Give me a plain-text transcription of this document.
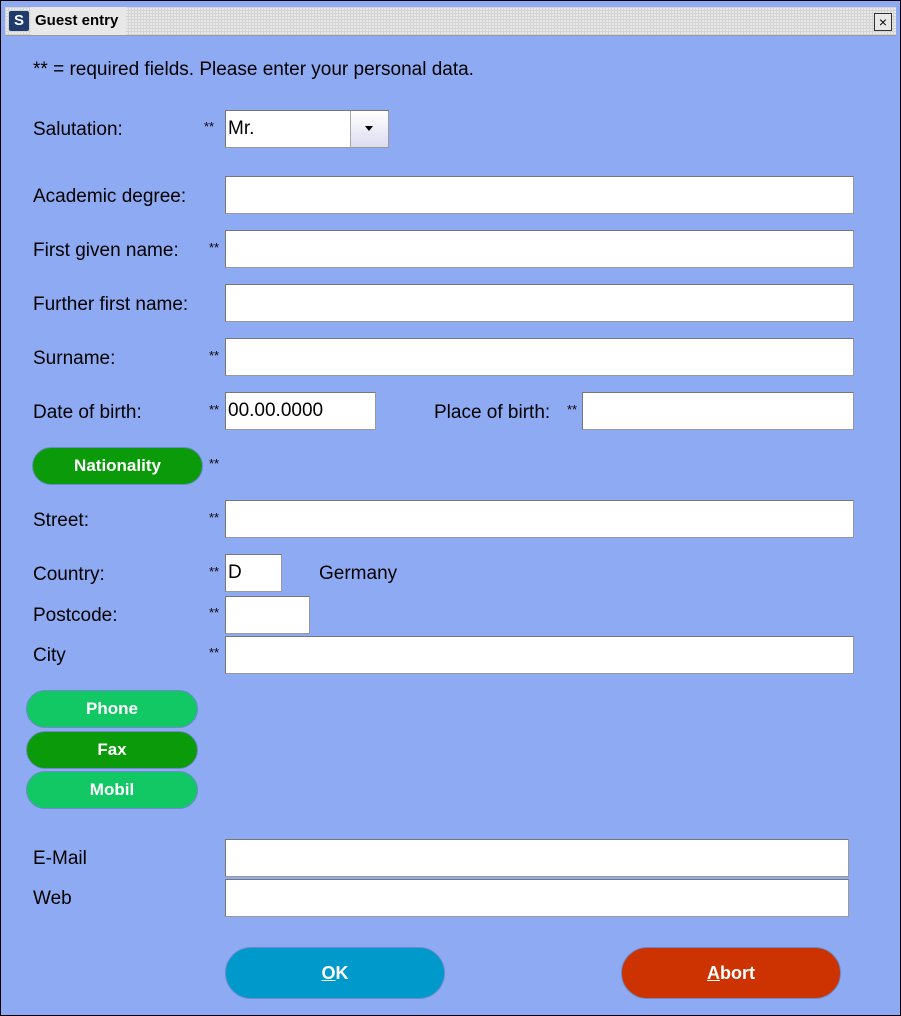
S Guest entry	×
** = required fields. Please enter your personal data.
Salutation:	** Mr.
Academic degree:
First given name: **
Further first name:
Surname:	**
Date of birth:	** 00.00.0000	Place of birth: **
Nationality	**
Street:	**
Country:	** D	Germany
Postcode:	**
City	**
Phone
Fax
Mobil
E-Mail
Web
OK	Abort
